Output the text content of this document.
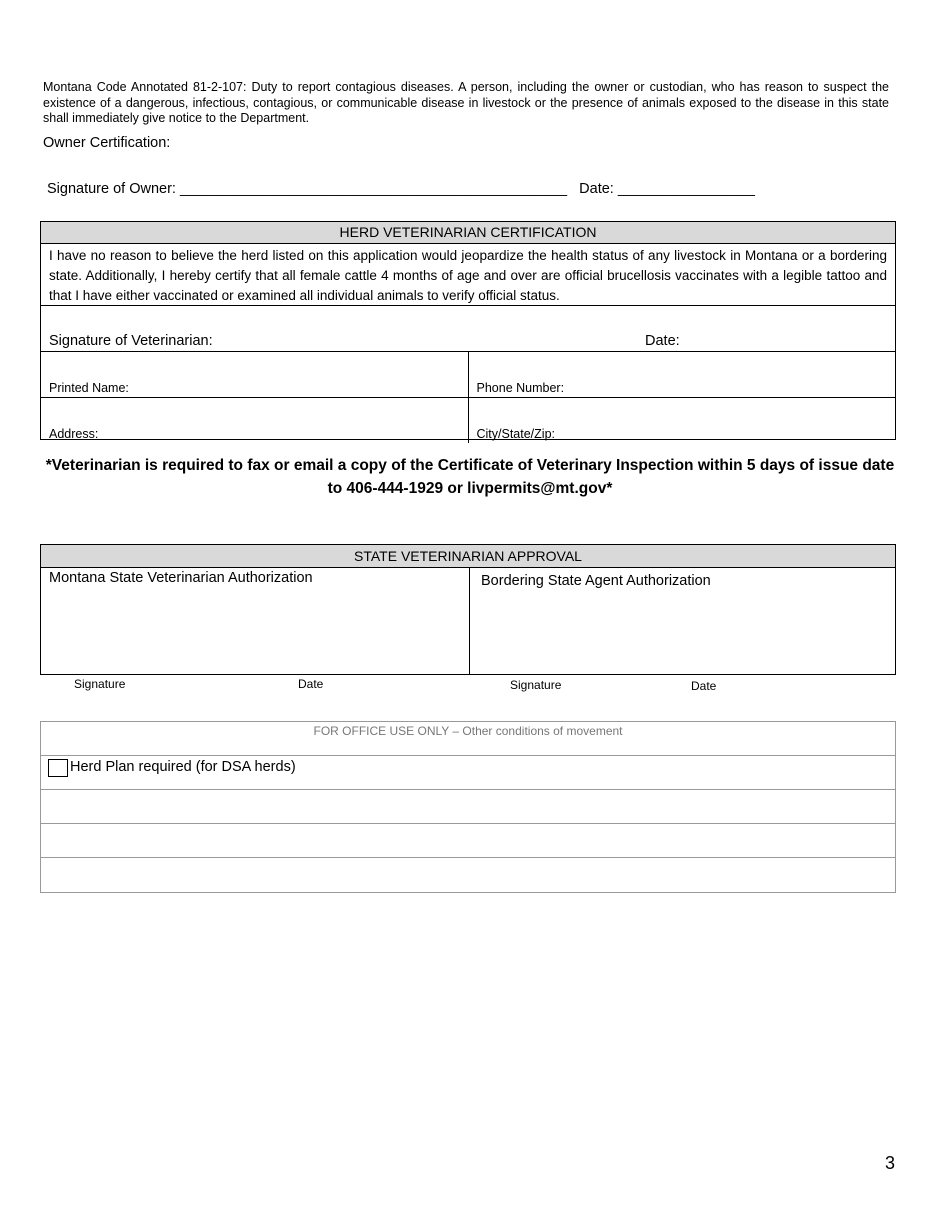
Montana Code Annotated 81-2-107: Duty to report contagious diseases. A person, including the owner or custodian, who has reason to suspect the existence of a dangerous, infectious, contagious, or communicable disease in livestock or the presence of animals exposed to the disease in this state shall immediately give notice to the Department.
Owner Certification:
Signature of Owner: ________________________________________________   Date: _________________
HERD VETERINARIAN CERTIFICATION
I have no reason to believe the herd listed on this application would jeopardize the health status of any livestock in Montana or a bordering state. Additionally, I hereby certify that all female cattle 4 months of age and over are official brucellosis vaccinates with a legible tattoo and that I have either vaccinated or examined all individual animals to verify official status.
Signature of Veterinarian:	Date:
Printed Name:	Phone Number:
Address:	City/State/Zip:
*Veterinarian is required to fax or email a copy of the Certificate of Veterinary Inspection within 5 days of issue date to 406-444-1929 or livpermits@mt.gov*
STATE VETERINARIAN APPROVAL
Montana State Veterinarian Authorization	Bordering State Agent Authorization
Signature	Date	Signature	Date
FOR OFFICE USE ONLY – Other conditions of movement
Herd Plan required (for DSA herds)
3
